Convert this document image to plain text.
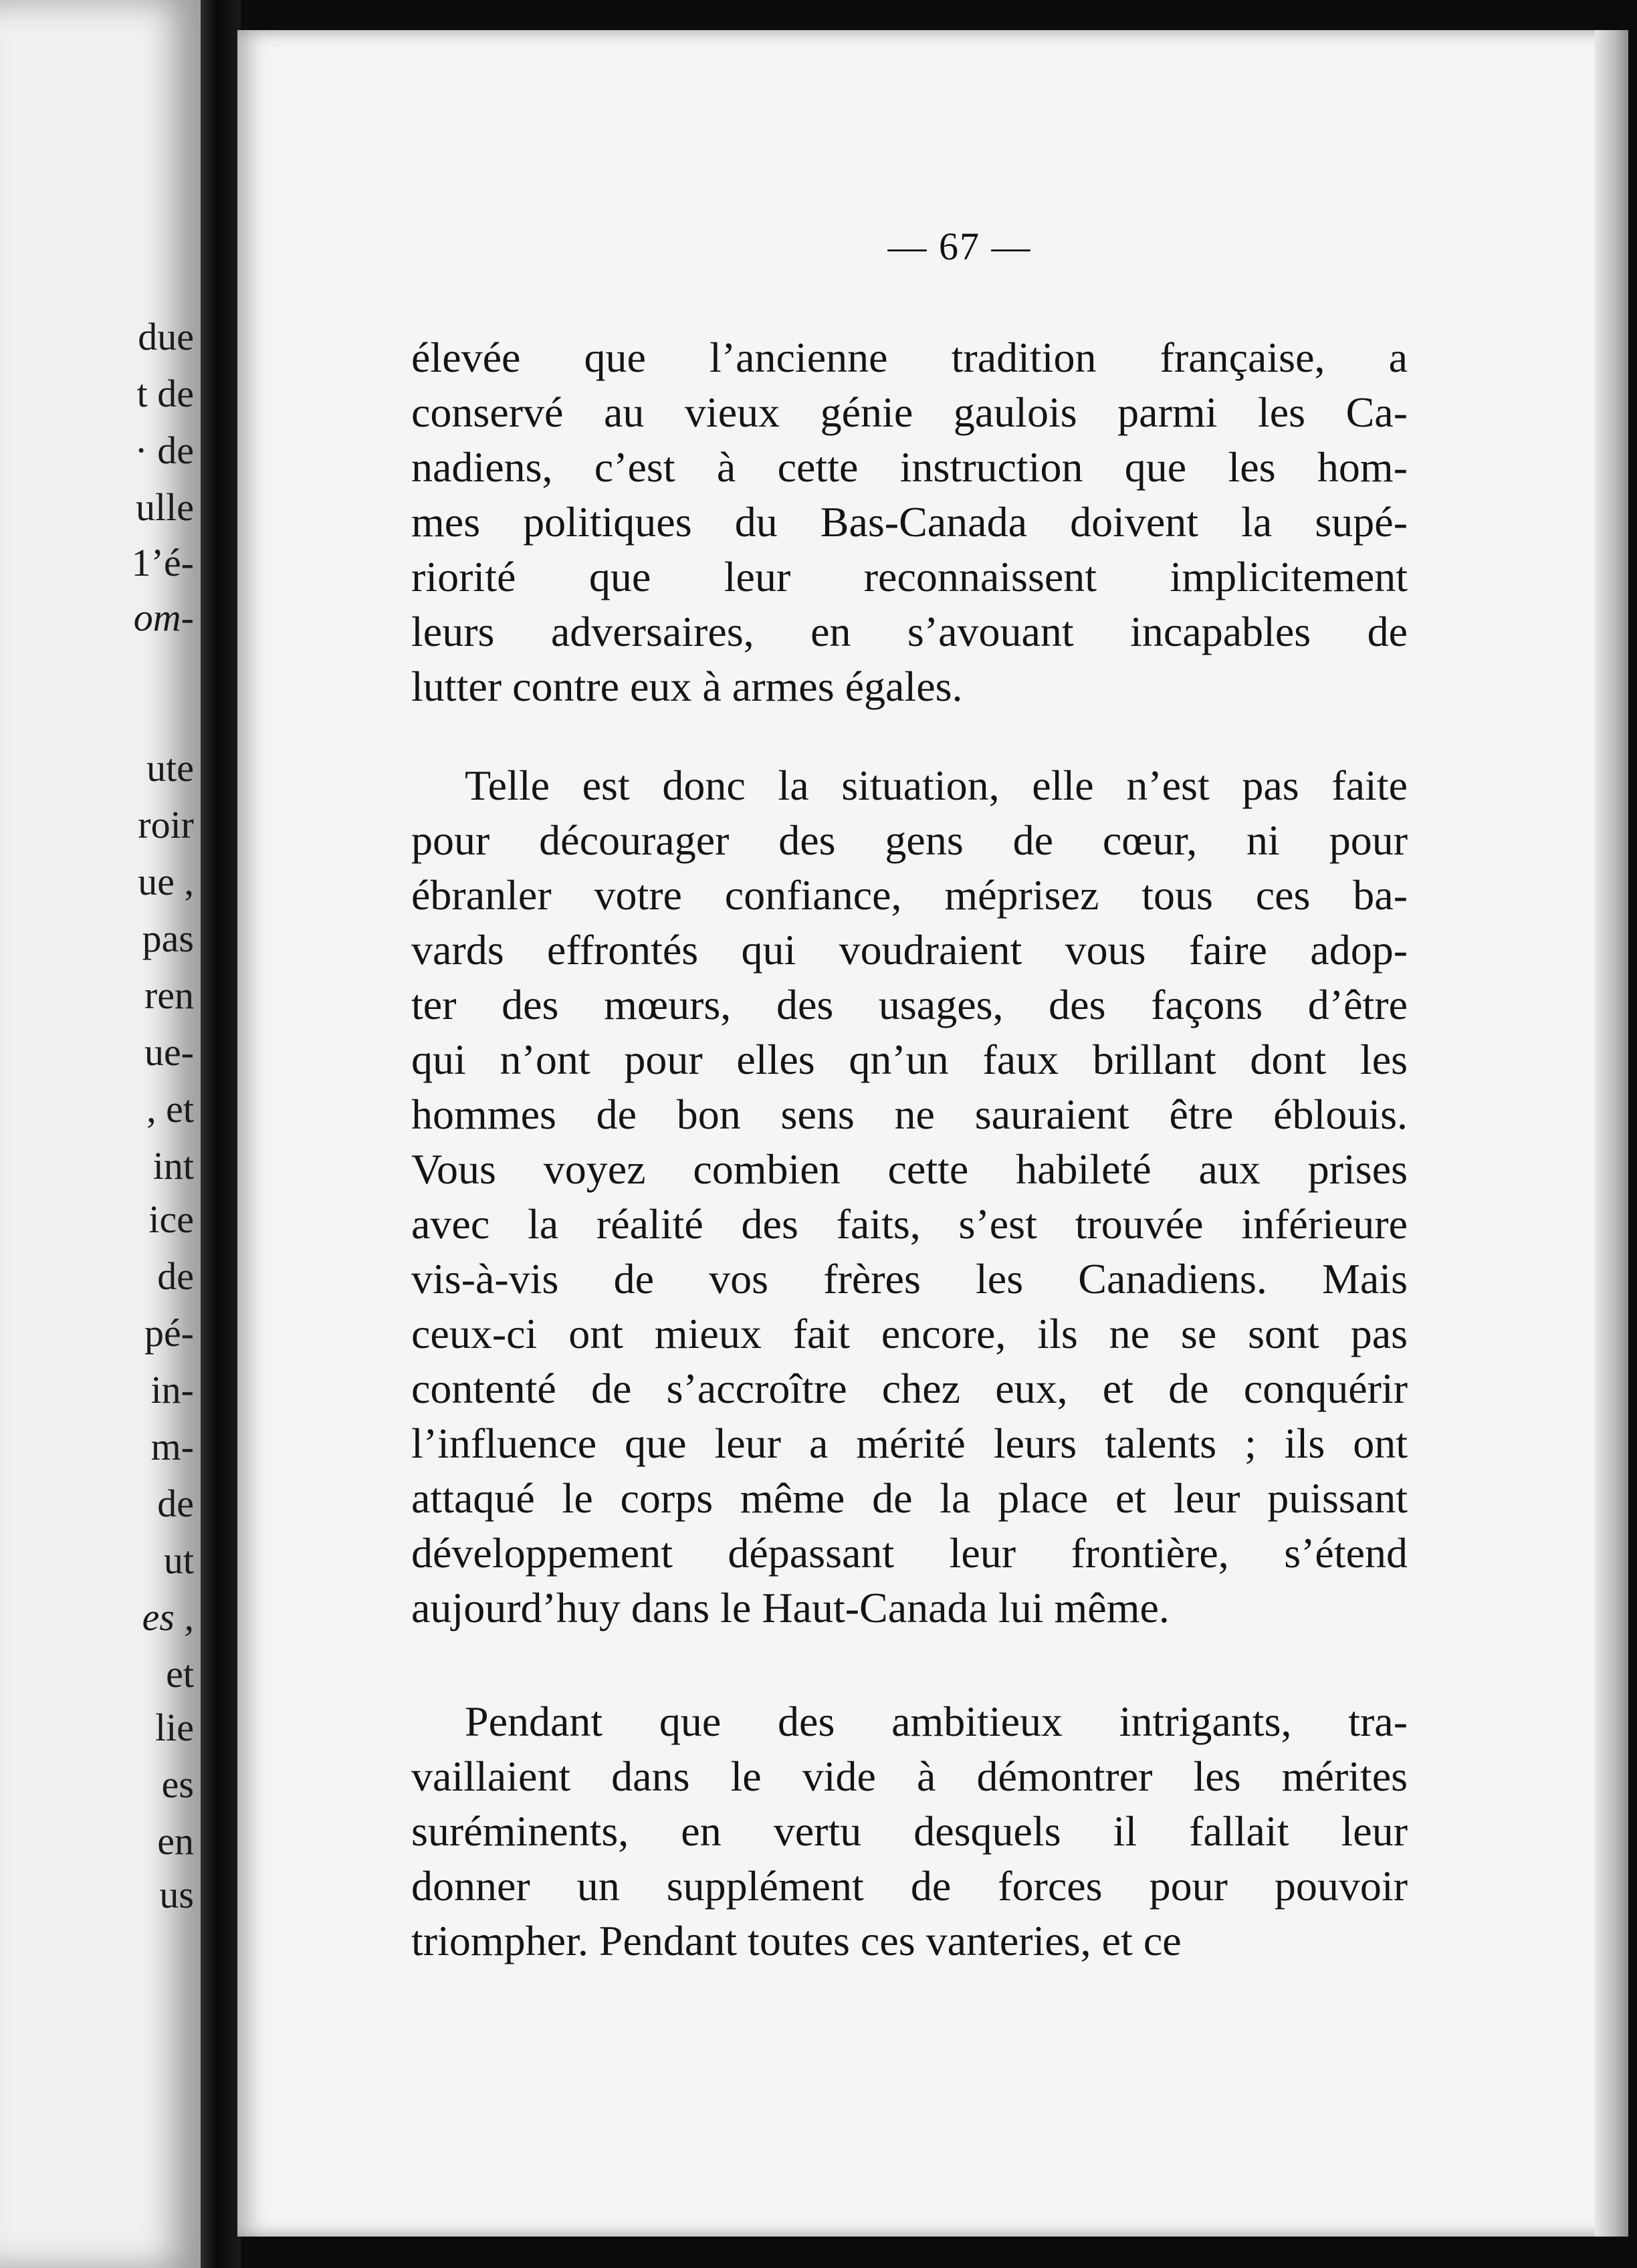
due
t de
· de
ulle
1’é-
om-
ute
roir
ue ,
pas
ren
ue-
, et
int
ice
de
pé-
in-
m-
de
ut
es ,
et
lie
es
en
us
— 67 —
élevée que l’ancienne tradition française, a
conservé au vieux génie gaulois parmi les Ca-
nadiens, c’est à cette instruction que les hom-
mes politiques du Bas-Canada doivent la supé-
riorité que leur reconnaissent implicitement
leurs adversaires, en s’avouant incapables de
lutter contre eux à armes égales.
Telle est donc la situation, elle n’est pas faite
pour décourager des gens de cœur, ni pour
ébranler votre confiance, méprisez tous ces ba-
vards effrontés qui voudraient vous faire adop-
ter des mœurs, des usages, des façons d’être
qui n’ont pour elles qn’un faux brillant dont les
hommes de bon sens ne sauraient être éblouis.
Vous voyez combien cette habileté aux prises
avec la réalité des faits, s’est trouvée inférieure
vis-à-vis de vos frères les Canadiens. Mais
ceux-ci ont mieux fait encore, ils ne se sont pas
contenté de s’accroître chez eux, et de conquérir
l’influence que leur a mérité leurs talents ; ils ont
attaqué le corps même de la place et leur puissant
développement dépassant leur frontière, s’étend
aujourd’huy dans le Haut-Canada lui même.
Pendant que des ambitieux intrigants, tra-
vaillaient dans le vide à démontrer les mérites
suréminents, en vertu desquels il fallait leur
donner un supplément de forces pour pouvoir
triompher. Pendant toutes ces vanteries, et ce
